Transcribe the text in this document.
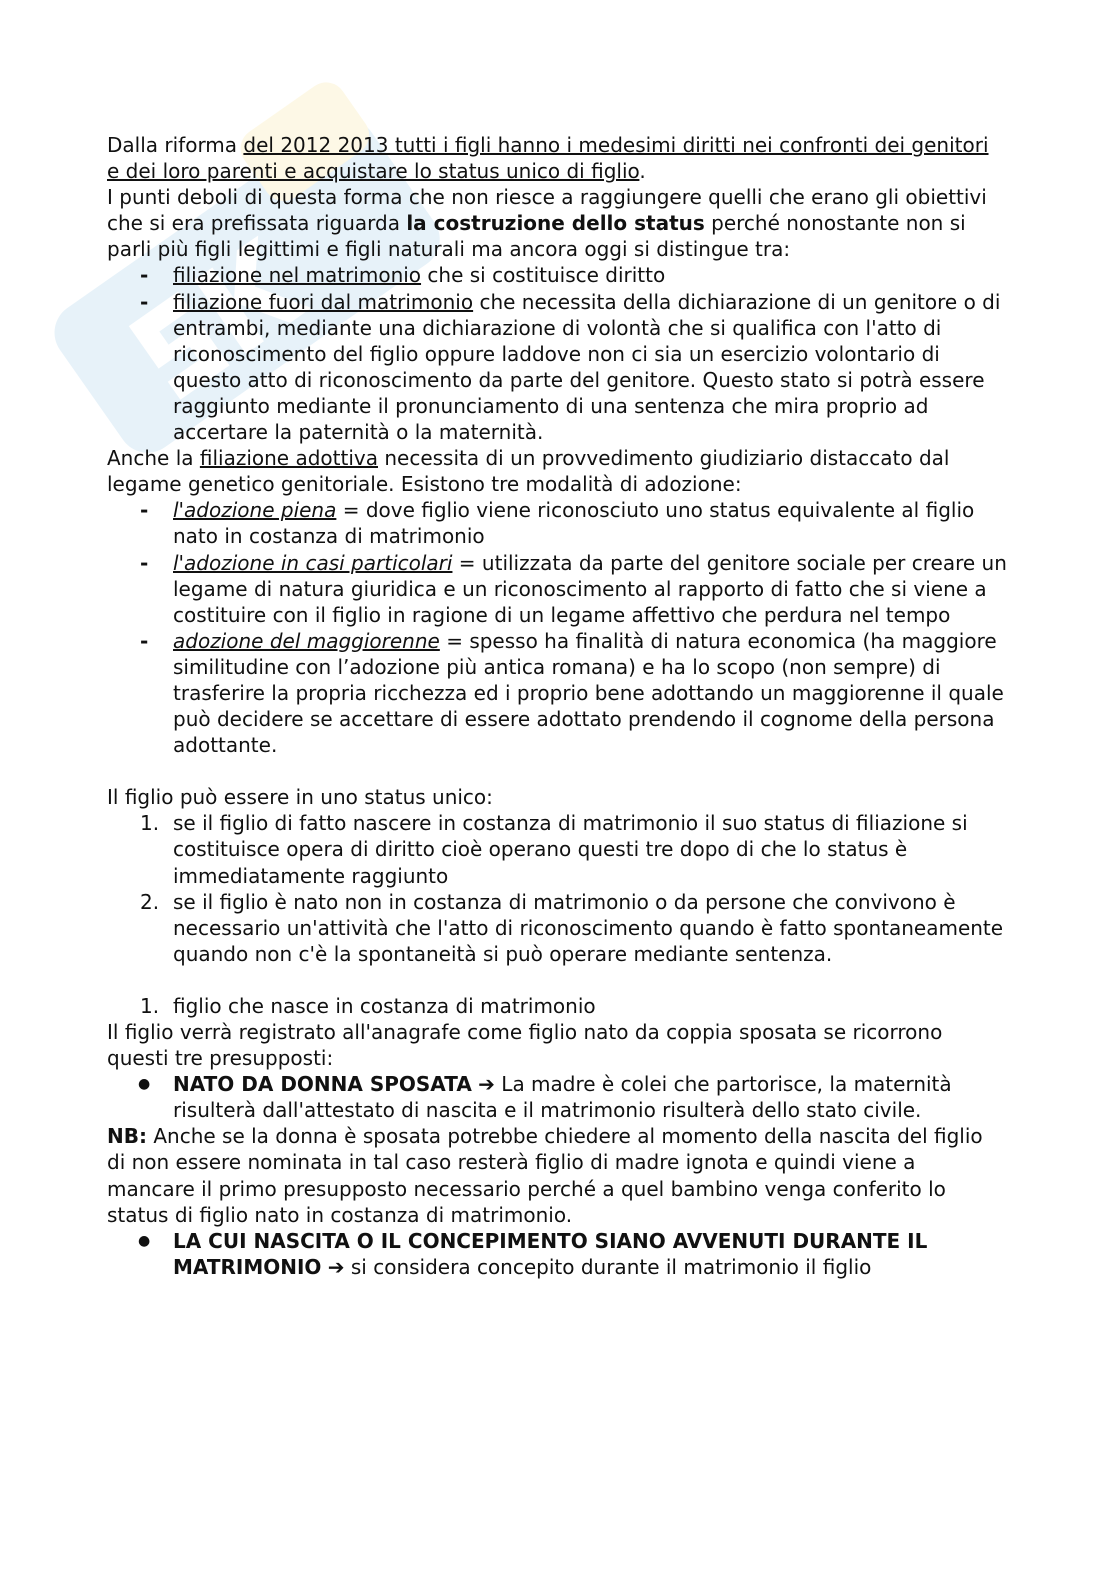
Dalla riforma del 2012 2013 tutti i figli hanno i medesimi diritti nei confronti dei genitori e dei loro parenti e acquistare lo status unico di figlio.

I punti deboli di questa forma che non riesce a raggiungere quelli che erano gli obiettivi che si era prefissata riguarda la costruzione dello status perché nonostante non si parli più figli legittimi e figli naturali ma ancora oggi si distingue tra:

- filiazione nel matrimonio che si costituisce diritto
- filiazione fuori dal matrimonio che necessita della dichiarazione di un genitore o di entrambi, mediante una dichiarazione di volontà che si qualifica con l'atto di riconoscimento del figlio oppure laddove non ci sia un esercizio volontario di questo atto di riconoscimento da parte del genitore. Questo stato si potrà essere raggiunto mediante il pronunciamento di una sentenza che mira proprio ad accertare la paternità o la maternità.

Anche la filiazione adottiva necessita di un provvedimento giudiziario distaccato dal legame genetico genitoriale. Esistono tre modalità di adozione:

- l'adozione piena = dove figlio viene riconosciuto uno status equivalente al figlio nato in costanza di matrimonio
- l'adozione in casi particolari = utilizzata da parte del genitore sociale per creare un legame di natura giuridica e un riconoscimento al rapporto di fatto che si viene a costituire con il figlio in ragione di un legame affettivo che perdura nel tempo
- adozione del maggiorenne = spesso ha finalità di natura economica (ha maggiore similitudine con l’adozione più antica romana) e ha lo scopo (non sempre) di trasferire la propria ricchezza ed i proprio bene adottando un maggiorenne il quale può decidere se accettare di essere adottato prendendo il cognome della persona adottante.

Il figlio può essere in uno status unico:

1. se il figlio di fatto nascere in costanza di matrimonio il suo status di filiazione si costituisce opera di diritto cioè operano questi tre dopo di che lo status è immediatamente raggiunto
2. se il figlio è nato non in costanza di matrimonio o da persone che convivono è necessario un'attività che l'atto di riconoscimento quando è fatto spontaneamente quando non c'è la spontaneità si può operare mediante sentenza.
1. figlio che nasce in costanza di matrimonio

Il figlio verrà registrato all'anagrafe come figlio nato da coppia sposata se ricorrono questi tre presupposti:

● NATO DA DONNA SPOSATA ➔ La madre è colei che partorisce, la maternità risulterà dall'attestato di nascita e il matrimonio risulterà dello stato civile.

NB: Anche se la donna è sposata potrebbe chiedere al momento della nascita del figlio di non essere nominata in tal caso resterà figlio di madre ignota e quindi viene a mancare il primo presupposto necessario perché a quel bambino venga conferito lo status di figlio nato in costanza di matrimonio.

● LA CUI NASCITA O IL CONCEPIMENTO SIANO AVVENUTI DURANTE IL MATRIMONIO ➔ si considera concepito durante il matrimonio il figlio
